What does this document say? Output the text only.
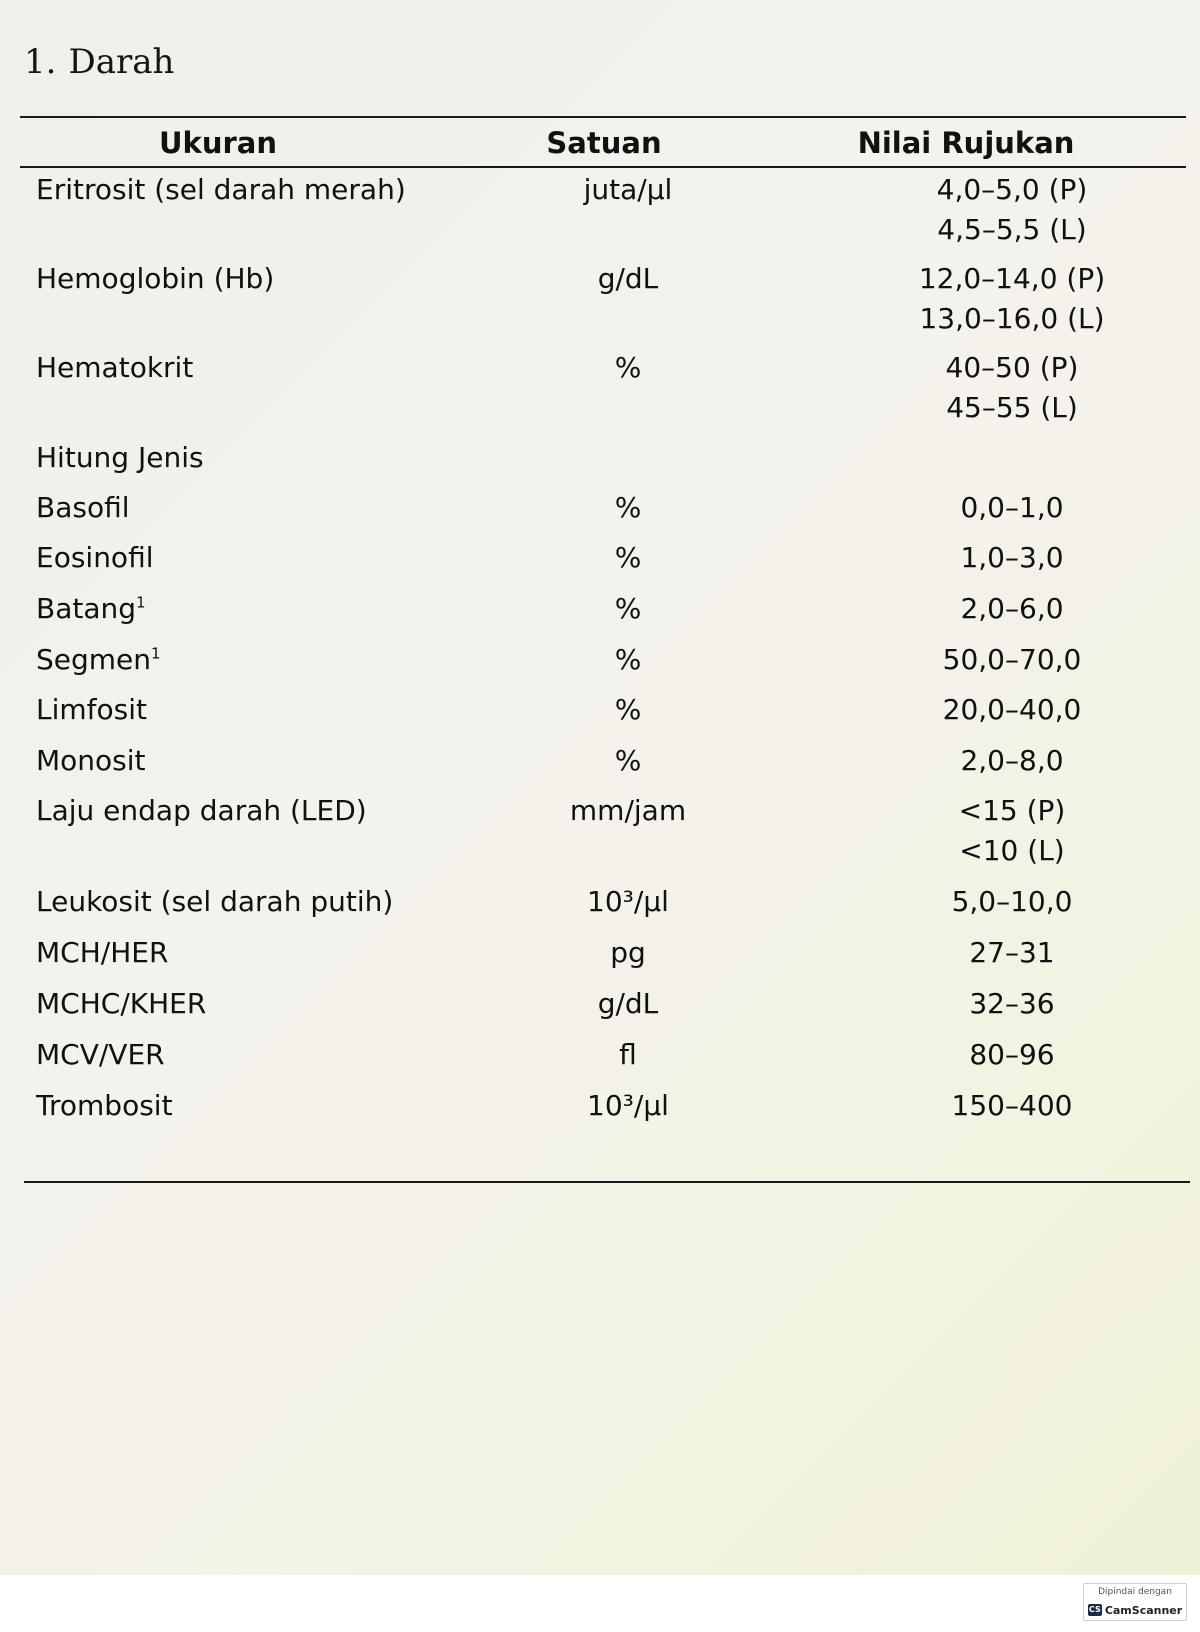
1. Darah
Ukuran	Satuan	Nilai Rujukan
Eritrosit (sel darah merah)	juta/µl	4,0–5,0 (P)
4,5–5,5 (L)
Hemoglobin (Hb)	g/dL	12,0–14,0 (P)
13,0–16,0 (L)
Hematokrit	%	40–50 (P)
45–55 (L)
Hitung Jenis
Basofil	%	0,0–1,0
Eosinofil	%	1,0–3,0
Batang$^1$	%	2,0–6,0
Segmen$^1$	%	50,0–70,0
Limfosit	%	20,0–40,0
Monosit	%	2,0–8,0
Laju endap darah (LED)	mm/jam	<15 (P)
<10 (L)
Leukosit (sel darah putih)	10³/µl	5,0–10,0
MCH/HER	pg	27–31
MCHC/KHER	g/dL	32–36
MCV/VER	fl	80–96
Trombosit	10³/µl	150–400
Dipindai dengan
CS CamScanner
